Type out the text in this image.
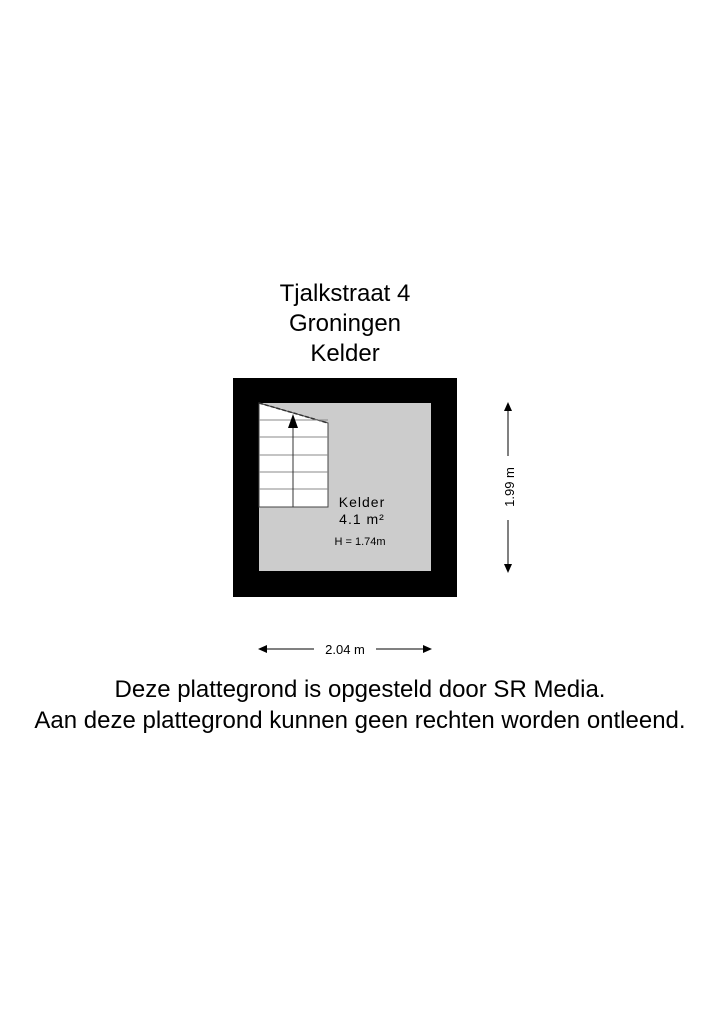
Tjalkstraat 4
Groningen
Kelder
Kelder
4.1 m²
H = 1.74m
1.99 m
2.04 m
Deze plattegrond is opgesteld door SR Media.
Aan deze plattegrond kunnen geen rechten worden ontleend.
